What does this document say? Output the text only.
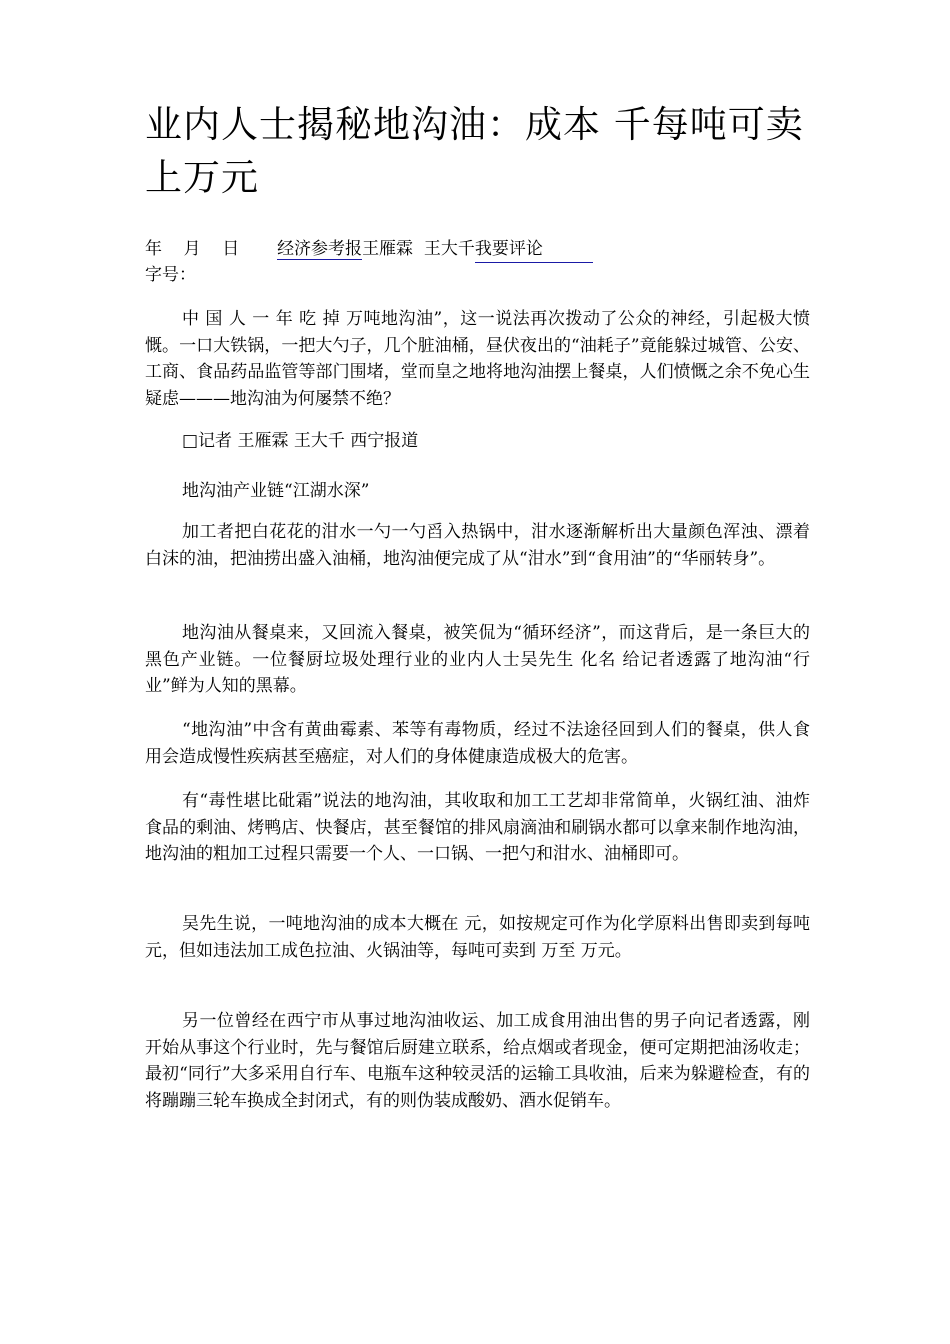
业内人士揭秘地沟油：成本 千每吨可卖上万元
年    月    日       经济参考报王雁霖  王大千我要评论
字号：

中 国 人 一 年 吃 掉 万吨地沟油”，这一说法再次拨动了公众的神经，引起极大愤慨。一口大铁锅，一把大勺子，几个脏油桶，昼伏夜出的“油耗子”竟能躲过城管、公安、工商、食品药品监管等部门围堵，堂而皇之地将地沟油摆上餐桌，人们愤慨之余不免心生疑虑———地沟油为何屡禁不绝？

□记者 王雁霖 王大千 西宁报道

地沟油产业链“江湖水深”

加工者把白花花的泔水一勺一勺舀入热锅中，泔水逐渐解析出大量颜色浑浊、漂着白沫的油，把油捞出盛入油桶，地沟油便完成了从“泔水”到“食用油”的“华丽转身”。

地沟油从餐桌来，又回流入餐桌，被笑侃为“循环经济”，而这背后，是一条巨大的黑色产业链。一位餐厨垃圾处理行业的业内人士吴先生 化名 给记者透露了地沟油“行业”鲜为人知的黑幕。

“地沟油”中含有黄曲霉素、苯等有毒物质，经过不法途径回到人们的餐桌，供人食用会造成慢性疾病甚至癌症，对人们的身体健康造成极大的危害。

有“毒性堪比砒霜”说法的地沟油，其收取和加工工艺却非常简单，火锅红油、油炸食品的剩油、烤鸭店、快餐店，甚至餐馆的排风扇滴油和刷锅水都可以拿来制作地沟油，地沟油的粗加工过程只需要一个人、一口锅、一把勺和泔水、油桶即可。

吴先生说，一吨地沟油的成本大概在 元，如按规定可作为化学原料出售即卖到每吨 元，但如违法加工成色拉油、火锅油等，每吨可卖到 万至 万元。

另一位曾经在西宁市从事过地沟油收运、加工成食用油出售的男子向记者透露，刚开始从事这个行业时，先与餐馆后厨建立联系，给点烟或者现金，便可定期把油汤收走；最初“同行”大多采用自行车、电瓶车这种较灵活的运输工具收油，后来为躲避检查，有的将蹦蹦三轮车换成全封闭式，有的则伪装成酸奶、酒水促销车。
